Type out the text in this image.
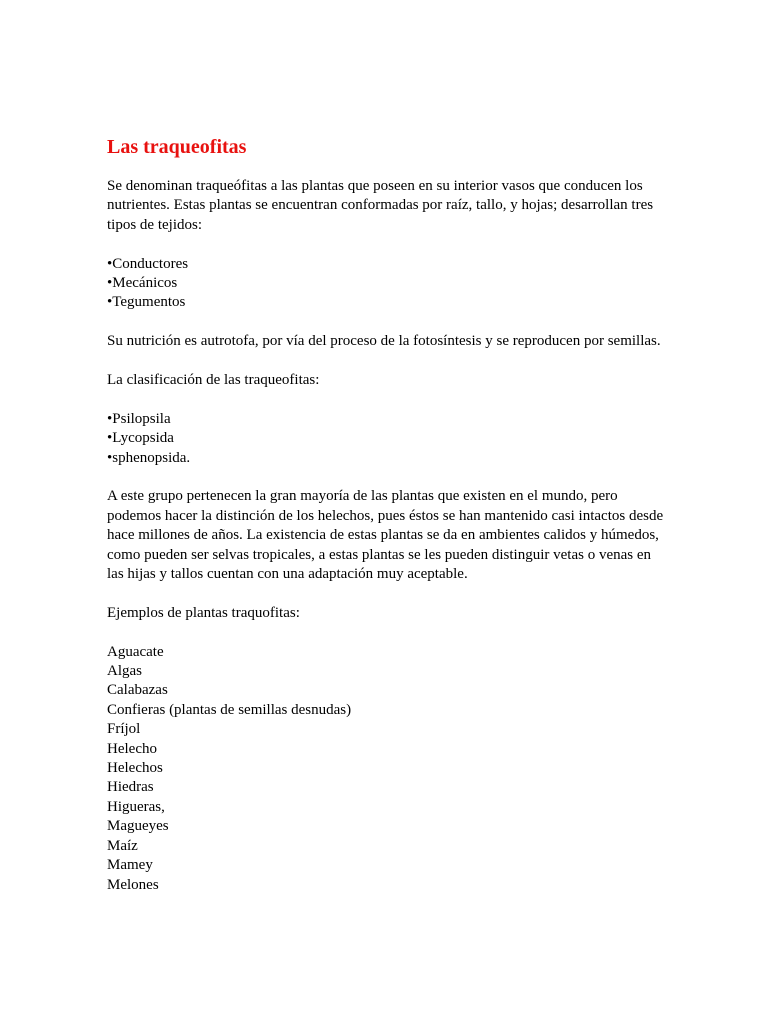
Las traqueofitas

Se denominan traqueófitas a las plantas que poseen en su interior vasos que conducen los nutrientes. Estas plantas se encuentran conformadas por raíz, tallo, y hojas; desarrollan tres tipos de tejidos:

• Conductores
• Mecánicos
• Tegumentos

Su nutrición es autrotofa, por vía del proceso de la fotosíntesis y se reproducen por semillas.

La clasificación de las traqueofitas:

• Psilopsila
• Lycopsida
• sphenopsida.

A este grupo pertenecen la gran mayoría de las plantas que existen en el mundo, pero podemos hacer la distinción de los helechos, pues éstos se han mantenido casi intactos desde hace millones de años. La existencia de estas plantas se da en ambientes calidos y húmedos, como pueden ser selvas tropicales, a estas plantas se les pueden distinguir vetas o venas en las hijas y tallos cuentan con una adaptación muy aceptable.

Ejemplos de plantas traquofitas:

Aguacate
Algas
Calabazas
Confieras (plantas de semillas desnudas)
Fríjol
Helecho
Helechos
Hiedras
Higueras,
Magueyes
Maíz
Mamey
Melones
